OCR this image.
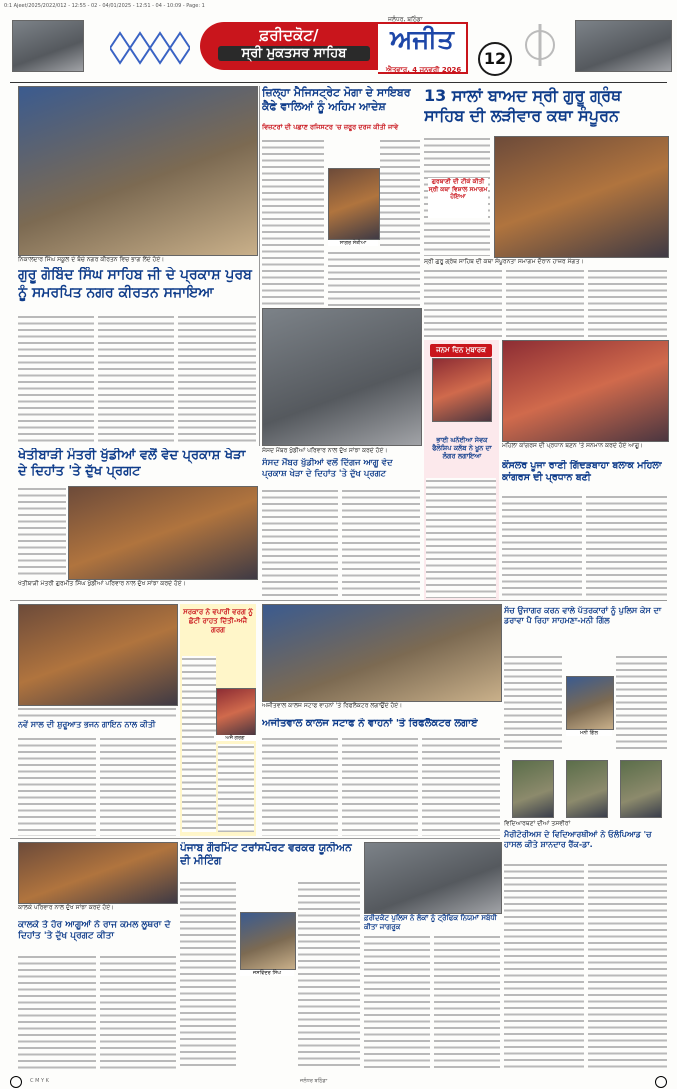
0:1 Ajeet/2025/2022/012 - 12:55 - 02 - 04/01/2025 - 12:51 - 04 - 10:09 - Page: 1
ਫ਼ਰੀਦਕੋਟ/
ਸ੍ਰੀ ਮੁਕਤਸਰ ਸਾਹਿਬ	ਅਜੀਤ
ਜਲੰਧਰ, ਬਠਿੰਡਾ
ਐਤਵਾਰ, 4 ਜਨਵਰੀ 2026
12
ਨਿਕਾਲਦਾਰ ਸਿੰਘ ਸਕੂਲ ਦੇ ਬੱਚੇ ਨਗਰ ਕੀਰਤਨ ਵਿਚ ਭਾਗ ਲੈਂਦੇ ਹੋਏ।
ਗੁਰੂ ਗੋਬਿੰਦ ਸਿੰਘ ਸਾਹਿਬ ਜੀ ਦੇ ਪ੍ਰਕਾਸ਼ ਪੁਰਬ ਨੂੰ ਸਮਰਪਿਤ ਨਗਰ ਕੀਰਤਨ ਸਜਾਇਆ
ਜ਼ਿਲ੍ਹਾ ਮੈਜਿਸਟ੍ਰੇਟ ਮੋਗਾ ਦੇ ਸਾਇਬਰ ਕੈਫੇ ਵਾਲਿਆਂ ਨੂੰ ਅਹਿਮ ਆਦੇਸ਼
ਵਿਜ਼ਟਰਾਂ ਦੀ ਪਛਾਣ ਰਜਿਸਟਰ 'ਚ ਜ਼ਰੂਰ ਦਰਜ ਕੀਤੀ ਜਾਵੇ
ਸਾਗਰ ਸੇਤੀਆ
13 ਸਾਲਾਂ ਬਾਅਦ ਸ੍ਰੀ ਗੁਰੂ ਗ੍ਰੰਥ ਸਾਹਿਬ ਦੀ ਲੜੀਵਾਰ ਕਥਾ ਸੰਪੂਰਨ
ਗੁਰਬਾਣੀ ਦੀ ਟੀਕੇ ਕੀਤੀ ਸ੍ਰੀ ਕਥਾ ਵਿਸ਼ਾਲ ਸਮਾਗਮ ਹੋਇਆ
ਸ੍ਰੀ ਗੁਰੂ ਗ੍ਰੰਥ ਸਾਹਿਬ ਦੀ ਕਥਾ ਸੰਪੂਰਨਤਾ ਸਮਾਗਮ ਦੌਰਾਨ ਹਾਜ਼ਰ ਸੰਗਤ।
ਖੇਤੀਬਾੜੀ ਮੰਤਰੀ ਖੁੱਡੀਆਂ ਵਲੋਂ ਵੇਦ ਪ੍ਰਕਾਸ਼ ਖੇੜਾ ਦੇ ਦਿਹਾਂਤ 'ਤੇ ਦੁੱਖ ਪ੍ਰਗਟ
ਖੇਤੀਬਾੜੀ ਮੰਤਰੀ ਗੁਰਮੀਤ ਸਿੰਘ ਖੁੱਡੀਆਂ ਪਰਿਵਾਰ ਨਾਲ ਦੁੱਖ ਸਾਂਝਾ ਕਰਦੇ ਹੋਏ।
ਸੰਸਦ ਮੈਂਬਰ ਖੁੱਡੀਆਂ ਪਰਿਵਾਰ ਨਾਲ ਦੁੱਖ ਸਾਂਝਾ ਕਰਦੇ ਹੋਏ।
ਸੰਸਦ ਮੈਂਬਰ ਖੁੱਡੀਆਂ ਵਲੋਂ ਦਿੱਗਜ ਆਗੂ ਵੇਦ ਪ੍ਰਕਾਸ਼ ਖੇੜਾ ਦੇ ਦਿਹਾਂਤ 'ਤੇ ਦੁੱਖ ਪ੍ਰਗਟ
ਜਨਮ ਦਿਨ ਮੁਬਾਰਕ
ਭਾਈ ਘਨੱਈਆ ਸੇਵਕ ਫੈਲੋਸ਼ਿਪ ਕਲੱਬ ਨੇ ਖੂਨ ਦਾ ਲੰਗਰ ਲਗਾਇਆ
ਮਹਿਲਾ ਕਾਂਗਰਸ ਦੀ ਪ੍ਰਧਾਨ ਬਣਨ 'ਤੇ ਸਨਮਾਨ ਕਰਦੇ ਹੋਏ ਆਗੂ।
ਕੌਂਸਲਰ ਪੂਜਾ ਰਾਣੀ ਗਿੱਦੜਬਾਹਾ ਬਲਾਕ ਮਹਿਲਾ ਕਾਂਗਰਸ ਦੀ ਪ੍ਰਧਾਨ ਬਣੀ
ਨਵੇਂ ਸਾਲ ਦੀ ਸ਼ੁਰੂਆਤ ਭਜਨ ਗਾਇਨ ਨਾਲ ਕੀਤੀ
ਸਰਕਾਰ ਨੇ ਵਪਾਰੀ ਵਰਗ ਨੂੰ ਛੋਟੀ ਰਾਹਤ ਦਿੱਤੀ-ਅਜੈ ਗਰਗ
ਅਜੈ ਗਰਗ
ਅਜੀਤਵਾਲ ਕਾਲਜ ਸਟਾਫ ਵਾਹਨਾਂ 'ਤੇ ਰਿਫਲੈਕਟਰ ਲਗਾਉਂਦੇ ਹੋਏ।
ਅਜੀਤਵਾਲ ਕਾਲਜ ਸਟਾਫ ਨੇ ਵਾਹਨਾਂ 'ਤੇ ਰਿਫਲੈਕਟਰ ਲਗਾਏ
ਸੱਚ ਉਜਾਗਰ ਕਰਨ ਵਾਲੇ ਪੱਤਰਕਾਰਾਂ ਨੂੰ ਪੁਲਿਸ ਕੇਸ ਦਾ ਡਰਾਵਾ ਪੈ ਰਿਹਾ ਸਾਹਮਣਾ-ਮਨੀ ਗਿੱਲ
ਮਨੀ ਗਿੱਲ
ਵਿਦਿਆਰਥਣਾਂ ਦੀਆਂ ਤਸਵੀਰਾਂ
ਮੈਰੀਟੋਰੀਅਸ ਦੇ ਵਿਦਿਆਰਥੀਆਂ ਨੇ ਓਲੰਪਿਆਡ 'ਚ ਹਾਸਲ ਕੀਤੇ ਸ਼ਾਨਦਾਰ ਰੈਂਕ-ਡਾ.
ਕਾਲਕੇ ਪਰਿਵਾਰ ਨਾਲ ਦੁੱਖ ਸਾਂਝਾ ਕਰਦੇ ਹੋਏ।
ਕਾਲਕੇ ਤੇ ਹੋਰ ਆਗੂਆਂ ਨੇ ਰਾਜ ਕਮਲ ਲੂਥਰਾ ਦੇ ਦਿਹਾਂਤ 'ਤੇ ਦੁੱਖ ਪ੍ਰਗਟ ਕੀਤਾ
ਪੰਜਾਬ ਗੌਰਮਿੰਟ ਟਰਾਂਸਪੋਰਟ ਵਰਕਰ ਯੂਨੀਅਨ ਦੀ ਮੀਟਿੰਗ
ਜਸਵਿੰਦਰ ਸਿੰਘ
ਫ਼ਰੀਦਕੋਟ ਪੁਲਿਸ ਨੇ ਲੋਕਾਂ ਨੂੰ ਟ੍ਰੈਫਿਕ ਨਿਯਮਾਂ ਸਬੰਧੀ ਕੀਤਾ ਜਾਗਰੂਕ
C M Y K	ਜਲੰਧਰ ਬਠਿੰਡਾ
